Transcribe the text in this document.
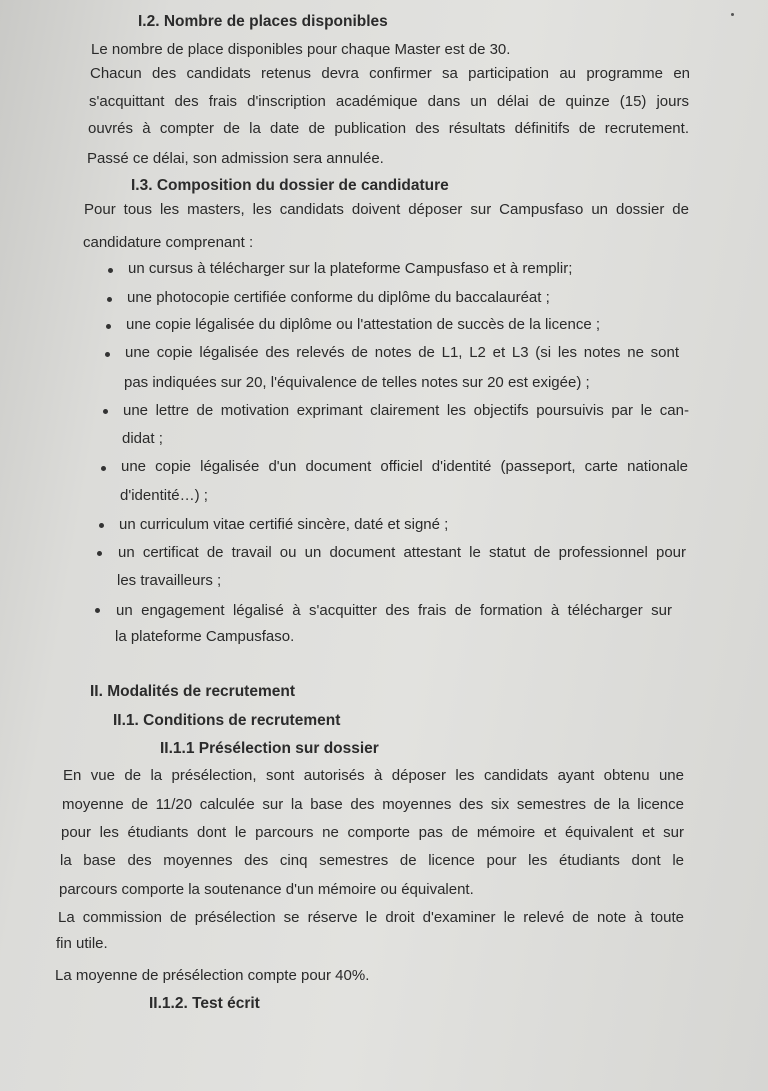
I.2. Nombre de places disponibles
Le nombre de place disponibles pour chaque Master est de 30.
Chacun des candidats retenus devra confirmer sa participation au programme en
s'acquittant des frais d'inscription académique dans un délai de quinze (15) jours
ouvrés à compter de la date de publication des résultats définitifs de recrutement.
Passé ce délai, son admission sera annulée.
I.3. Composition du dossier de candidature
Pour tous les masters, les candidats doivent déposer sur Campusfaso un dossier de
candidature comprenant :
un cursus à télécharger sur la plateforme Campusfaso et à remplir;
une photocopie certifiée conforme du diplôme du baccalauréat ;
une copie légalisée du diplôme ou l'attestation de succès de la licence ;
une copie légalisée des relevés de notes de L1, L2 et L3 (si les notes ne sont
pas indiquées sur 20, l'équivalence de telles notes sur 20 est exigée) ;
une lettre de motivation exprimant clairement les objectifs poursuivis par le can-
didat ;
une copie légalisée d'un document officiel d'identité (passeport, carte nationale
d'identité…) ;
un curriculum vitae certifié sincère, daté et signé ;
un certificat de travail ou un document attestant le statut de professionnel pour
les travailleurs ;
un engagement légalisé à s'acquitter des frais de formation à télécharger sur
la plateforme Campusfaso.
II. Modalités de recrutement
II.1. Conditions de recrutement
II.1.1 Présélection sur dossier
En vue de la présélection, sont autorisés à déposer les candidats ayant obtenu une
moyenne de 11/20 calculée sur la base des moyennes des six semestres de la licence
pour les étudiants dont le parcours ne comporte pas de mémoire et équivalent et sur
la base des moyennes des cinq semestres de licence pour les étudiants dont le
parcours comporte la soutenance d'un mémoire ou équivalent.
La commission de présélection se réserve le droit d'examiner le relevé de note à toute
fin utile.
La moyenne de présélection compte pour 40%.
II.1.2. Test écrit
